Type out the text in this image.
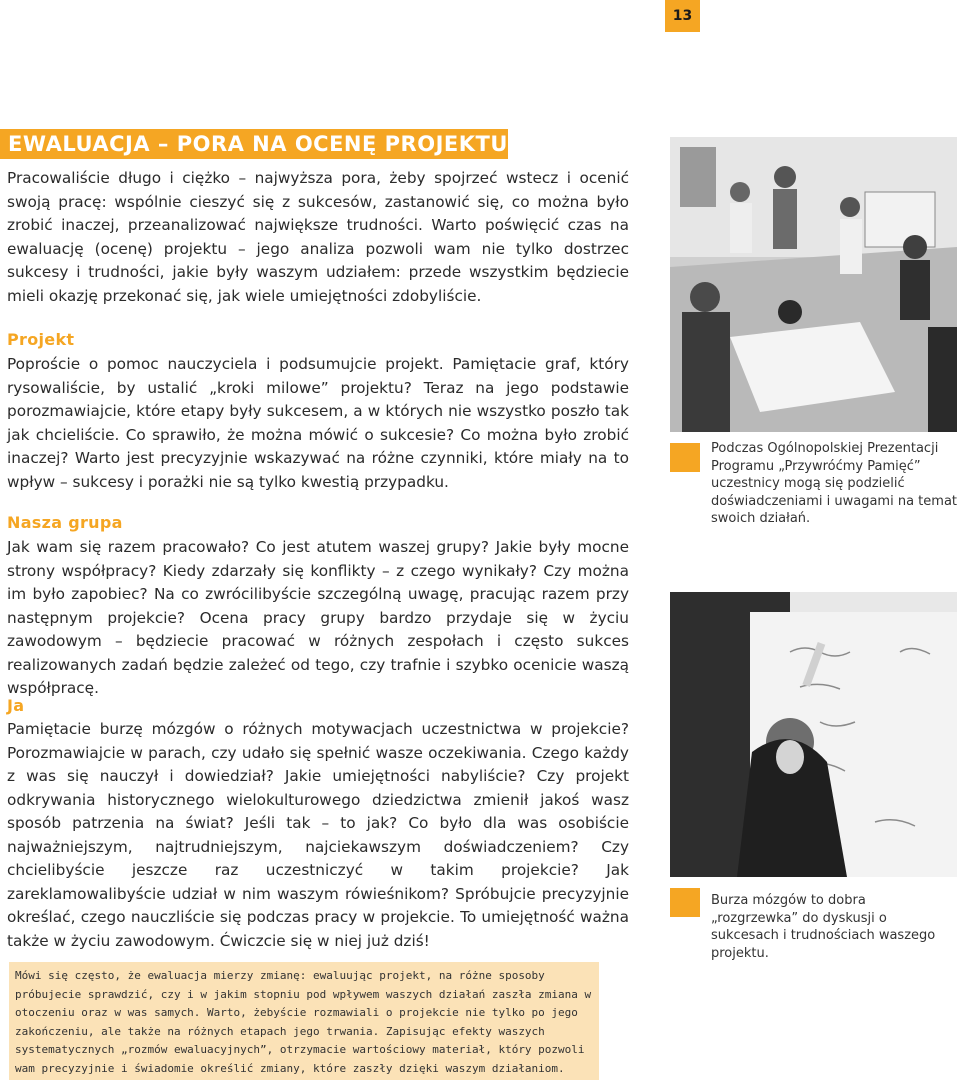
13
EWALUACJA – PORA NA OCENĘ PROJEKTU

Pracowaliście długo i ciężko – najwyższa pora, żeby spojrzeć wstecz i ocenić swoją pracę: wspólnie cieszyć się z sukcesów, zastanowić się, co można było zrobić inaczej, przeanalizować największe trudności. Warto poświęcić czas na ewaluację (ocenę) projektu – jego analiza pozwoli wam nie tylko dostrzec sukcesy i trudności, jakie były waszym udziałem: przede wszystkim będziecie mieli okazję przekonać się, jak wiele umiejętności zdobyliście.

Projekt

Poproście o pomoc nauczyciela i podsumujcie projekt. Pamiętacie graf, który rysowaliście, by ustalić „kroki milowe” projektu? Teraz na jego podstawie porozmawiajcie, które etapy były sukcesem, a w których nie wszystko poszło tak jak chcieliście. Co sprawiło, że można mówić o sukcesie? Co można było zrobić inaczej? Warto jest precyzyjnie wskazywać na różne czynniki, które miały na to wpływ – sukcesy i porażki nie są tylko kwestią przypadku.

Nasza grupa

Jak wam się razem pracowało? Co jest atutem waszej grupy? Jakie były mocne strony współpracy? Kiedy zdarzały się konflikty – z czego wynikały? Czy można im było zapobiec? Na co zwrócilibyście szczególną uwagę, pracując razem przy następnym projekcie? Ocena pracy grupy bardzo przydaje się w życiu zawodowym – będziecie pracować w różnych zespołach i często sukces realizowanych zadań będzie zależeć od tego, czy trafnie i szybko ocenicie waszą współpracę.

Ja

Pamiętacie burzę mózgów o różnych motywacjach uczestnictwa w projekcie? Porozmawiajcie w parach, czy udało się spełnić wasze oczekiwania. Czego każdy z was się nauczył i dowiedział? Jakie umiejętności nabyliście? Czy projekt odkrywania historycznego wielokulturowego dziedzictwa zmienił jakoś wasz sposób patrzenia na świat? Jeśli tak – to jak? Co było dla was osobiście najważniejszym, najtrudniejszym, najciekawszym doświadczeniem? Czy chcielibyście jeszcze raz uczestniczyć w takim projekcie? Jak zareklamowalibyście udział w nim waszym rówieśnikom? Spróbujcie precyzyjnie określać, czego nauczliście się podczas pracy w projekcie. To umiejętność ważna także w życiu zawodowym. Ćwiczcie się w niej już dziś!

Podczas Ogólnopolskiej Prezentacji Programu „Przywróćmy Pamięć” uczestnicy mogą się podzielić doświadczeniami i uwagami na temat swoich działań.

Burza mózgów to dobra „rozgrzewka” do dyskusji o sukcesach i trudnościach waszego projektu.

Mówi się często, że ewaluacja mierzy zmianę: ewaluując projekt, na różne sposoby próbujecie sprawdzić, czy i w jakim stopniu pod wpływem waszych działań zaszła zmiana w otoczeniu oraz w was samych. Warto, żebyście rozmawiali o projekcie nie tylko po jego zakończeniu, ale także na różnych etapach jego trwania. Zapisując efekty waszych systematycznych „rozmów ewaluacyjnych”, otrzymacie wartościowy materiał, który pozwoli wam precyzyjnie i świadomie określić zmiany, które zaszły dzięki waszym działaniom.
